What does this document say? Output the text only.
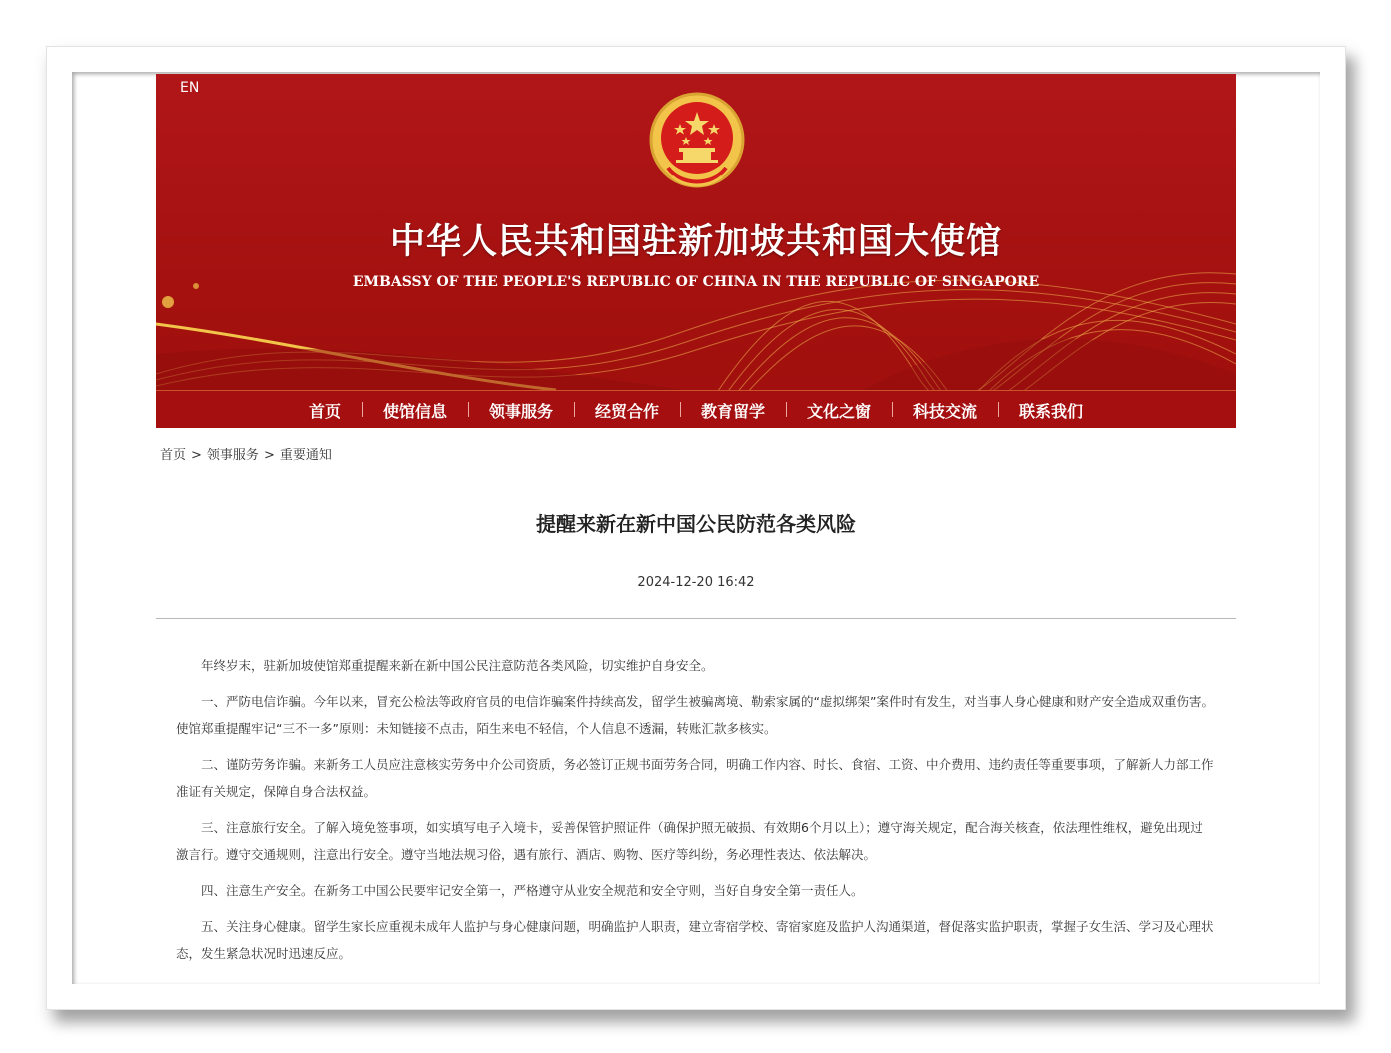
EN
中华人民共和国驻新加坡共和国大使馆
EMBASSY OF THE PEOPLE'S REPUBLIC OF CHINA IN THE REPUBLIC OF SINGAPORE
首页	使馆信息	领事服务	经贸合作	教育留学	文化之窗	科技交流	联系我们
首页 > 领事服务 > 重要通知
提醒来新在新中国公民防范各类风险
2024-12-20 16:42

年终岁末，驻新加坡使馆郑重提醒来新在新中国公民注意防范各类风险，切实维护自身安全。

一、严防电信诈骗。今年以来，冒充公检法等政府官员的电信诈骗案件持续高发，留学生被骗离境、勒索家属的“虚拟绑架”案件时有发生，对当事人身心健康和财产安全造成双重伤害。使馆郑重提醒牢记“三不一多”原则：未知链接不点击，陌生来电不轻信，个人信息不透漏，转账汇款多核实。

二、谨防劳务诈骗。来新务工人员应注意核实劳务中介公司资质，务必签订正规书面劳务合同，明确工作内容、时长、食宿、工资、中介费用、违约责任等重要事项，了解新人力部工作准证有关规定，保障自身合法权益。

三、注意旅行安全。了解入境免签事项，如实填写电子入境卡，妥善保管护照证件（确保护照无破损、有效期6个月以上）；遵守海关规定，配合海关核查，依法理性维权，避免出现过激言行。遵守交通规则，注意出行安全。遵守当地法规习俗，遇有旅行、酒店、购物、医疗等纠纷，务必理性表达、依法解决。

四、注意生产安全。在新务工中国公民要牢记安全第一，严格遵守从业安全规范和安全守则，当好自身安全第一责任人。

五、关注身心健康。留学生家长应重视未成年人监护与身心健康问题，明确监护人职责，建立寄宿学校、寄宿家庭及监护人沟通渠道，督促落实监护职责，掌握子女生活、学习及心理状态，发生紧急状况时迅速反应。
